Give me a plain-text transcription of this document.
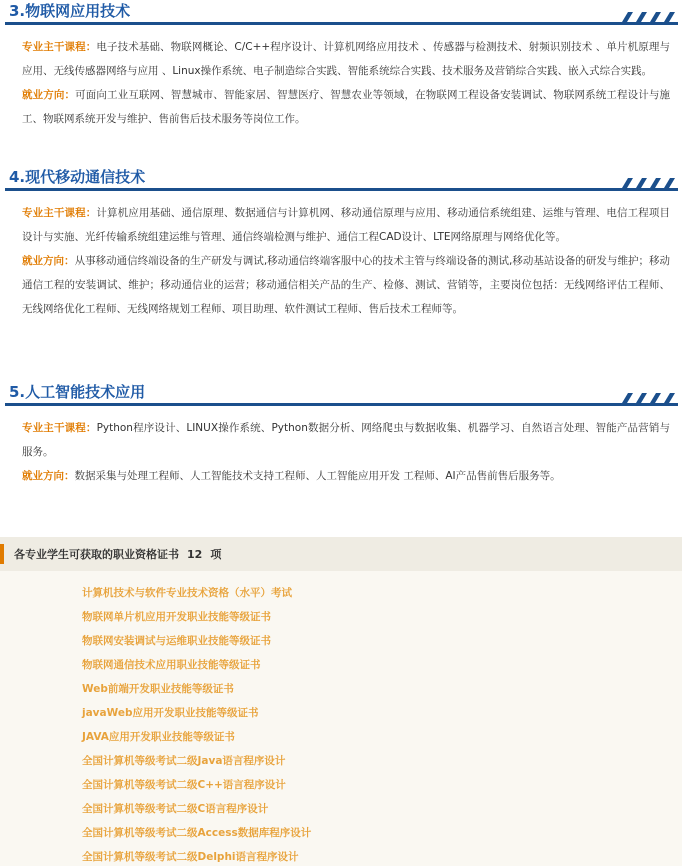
3.物联网应用技术

专业主干课程：电子技术基础、物联网概论、C/C++程序设计、计算机网络应用技术 、传感器与检测技术、射频识别技术 、单片机原理与应用、无线传感器网络与应用 、Linux操作系统、电子制造综合实践、智能系统综合实践、技术服务及营销综合实践、嵌入式综合实践。

就业方向：可面向工业互联网、智慧城市、智能家居、智慧医疗、智慧农业等领域，在物联网工程设备安装调试、物联网系统工程设计与施工、物联网系统开发与维护、售前售后技术服务等岗位工作。

4.现代移动通信技术

专业主干课程：计算机应用基础、通信原理、数据通信与计算机网、移动通信原理与应用、移动通信系统组建、运维与管理、电信工程项目设计与实施、光纤传输系统组建运维与管理、通信终端检测与维护、通信工程CAD设计、LTE网络原理与网络优化等。

就业方向：从事移动通信终端设备的生产研发与调试,移动通信终端客服中心的技术主管与终端设备的测试,移动基站设备的研发与维护；移动通信工程的安装调试、维护；移动通信业的运营；移动通信相关产品的生产、检修、测试、营销等，主要岗位包括：无线网络评估工程师、无线网络优化工程师、无线网络规划工程师、项目助理、软件测试工程师、售后技术工程师等。

5.人工智能技术应用

专业主干课程：Python程序设计、LINUX操作系统、Python数据分析、网络爬虫与数据收集、机器学习、自然语言处理、智能产品营销与服务。

就业方向：数据采集与处理工程师、人工智能技术支持工程师、人工智能应用开发 工程师、AI产品售前售后服务等。

各专业学生可获取的职业资格证书 12 项
计算机技术与软件专业技术资格（水平）考试
物联网单片机应用开发职业技能等级证书
物联网安装调试与运维职业技能等级证书
物联网通信技术应用职业技能等级证书
Web前端开发职业技能等级证书
javaWeb应用开发职业技能等级证书
JAVA应用开发职业技能等级证书
全国计算机等级考试二级Java语言程序设计
全国计算机等级考试二级C++语言程序设计
全国计算机等级考试二级C语言程序设计
全国计算机等级考试二级Access数据库程序设计
全国计算机等级考试二级Delphi语言程序设计
